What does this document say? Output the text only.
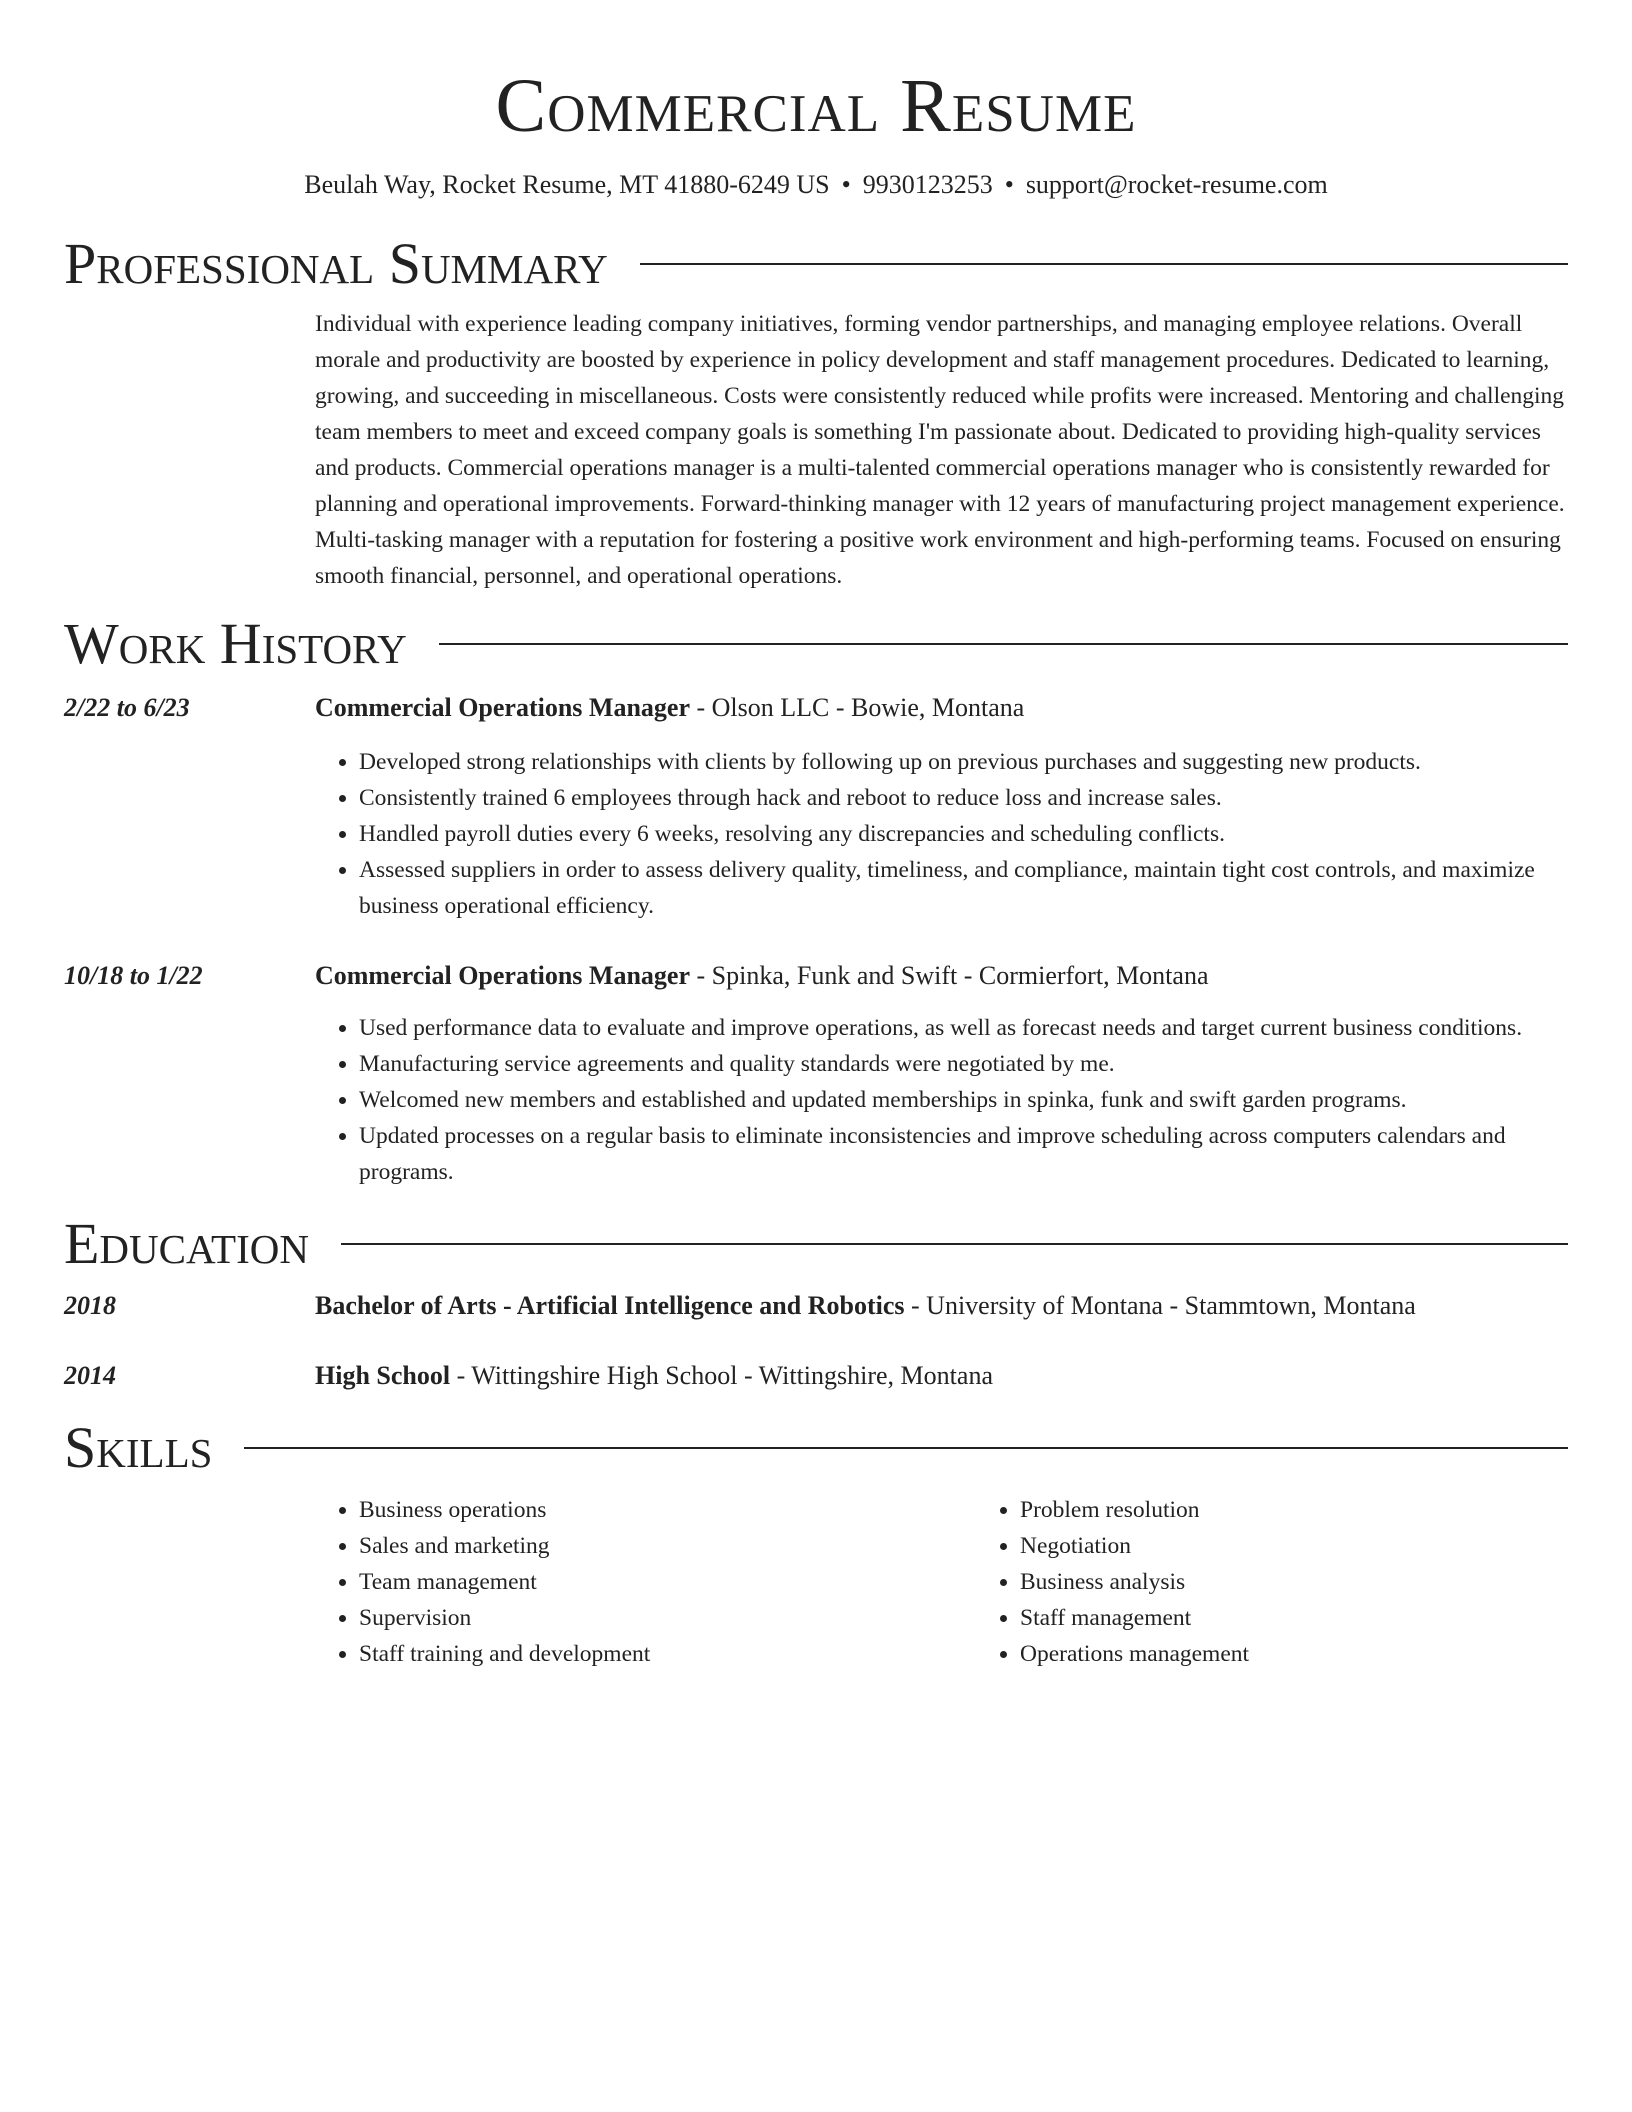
Commercial Resume
Beulah Way, Rocket Resume, MT 41880-6249 US • 9930123253 • support@rocket-resume.com
Professional Summary
Individual with experience leading company initiatives, forming vendor partnerships, and managing employee relations. Overall morale and productivity are boosted by experience in policy development and staff management procedures. Dedicated to learning, growing, and succeeding in miscellaneous. Costs were consistently reduced while profits were increased. Mentoring and challenging team members to meet and exceed company goals is something I'm passionate about. Dedicated to providing high-quality services and products. Commercial operations manager is a multi-talented commercial operations manager who is consistently rewarded for planning and operational improvements. Forward-thinking manager with 12 years of manufacturing project management experience. Multi-tasking manager with a reputation for fostering a positive work environment and high-performing teams. Focused on ensuring smooth financial, personnel, and operational operations.
Work History
2/22 to 6/23	Commercial Operations Manager - Olson LLC - Bowie, Montana
• Developed strong relationships with clients by following up on previous purchases and suggesting new products.
• Consistently trained 6 employees through hack and reboot to reduce loss and increase sales.
• Handled payroll duties every 6 weeks, resolving any discrepancies and scheduling conflicts.
• Assessed suppliers in order to assess delivery quality, timeliness, and compliance, maintain tight cost controls, and maximize business operational efficiency.
10/18 to 1/22	Commercial Operations Manager - Spinka, Funk and Swift - Cormierfort, Montana
• Used performance data to evaluate and improve operations, as well as forecast needs and target current business conditions.
• Manufacturing service agreements and quality standards were negotiated by me.
• Welcomed new members and established and updated memberships in spinka, funk and swift garden programs.
• Updated processes on a regular basis to eliminate inconsistencies and improve scheduling across computers calendars and programs.
Education
2018	Bachelor of Arts - Artificial Intelligence and Robotics - University of Montana - Stammtown, Montana
2014	High School - Wittingshire High School - Wittingshire, Montana
Skills
• Business operations
• Sales and marketing
• Team management
• Supervision
• Staff training and development
• Problem resolution
• Negotiation
• Business analysis
• Staff management
• Operations management
